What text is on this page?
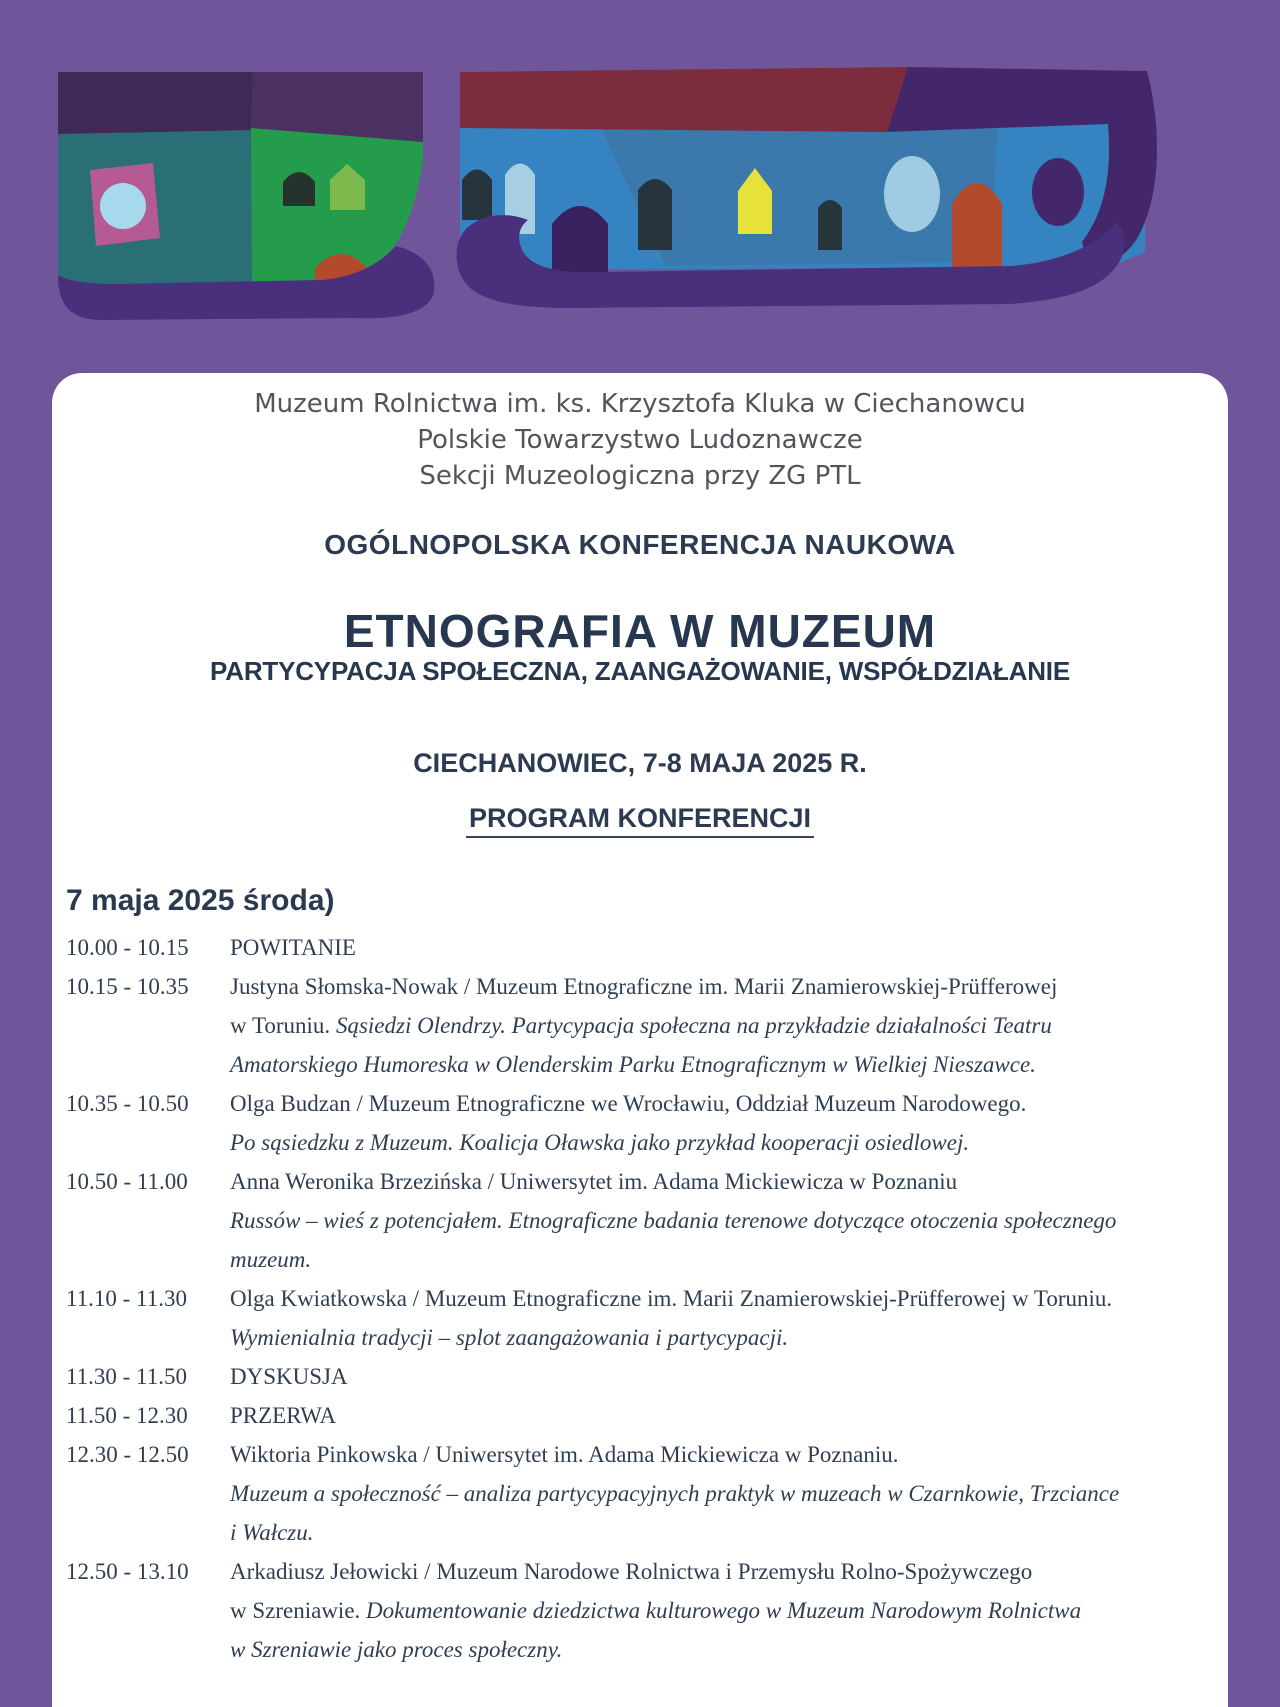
Muzeum Rolnictwa im. ks. Krzysztofa Kluka w Ciechanowcu
Polskie Towarzystwo Ludoznawcze
Sekcji Muzeologiczna przy ZG PTL
OGÓLNOPOLSKA KONFERENCJA NAUKOWA
ETNOGRAFIA W MUZEUM
PARTYCYPACJA SPOŁECZNA, ZAANGAŻOWANIE, WSPÓŁDZIAŁANIE
CIECHANOWIEC, 7-8 MAJA 2025 R.
PROGRAM KONFERENCJI
7 maja 2025 środa)
10.00 - 10.15	POWITANIE
10.15 - 10.35	Justyna Słomska-Nowak / Muzeum Etnograficzne im. Marii Znamierowskiej-Prüfferowej
w Toruniu. Sąsiedzi Olendrzy. Partycypacja społeczna na przykładzie działalności Teatru
Amatorskiego Humoreska w Olenderskim Parku Etnograficznym w Wielkiej Nieszawce.
10.35 - 10.50	Olga Budzan / Muzeum Etnograficzne we Wrocławiu, Oddział Muzeum Narodowego.
Po sąsiedzku z Muzeum. Koalicja Oławska jako przykład kooperacji osiedlowej.
10.50 - 11.00	Anna Weronika Brzezińska / Uniwersytet im. Adama Mickiewicza w Poznaniu
Russów – wieś z potencjałem. Etnograficzne badania terenowe dotyczące otoczenia społecznego
muzeum.
11.10 - 11.30	Olga Kwiatkowska / Muzeum Etnograficzne im. Marii Znamierowskiej-Prüfferowej w Toruniu.
Wymienialnia tradycji – splot zaangażowania i partycypacji.
11.30 - 11.50	DYSKUSJA
11.50 - 12.30	PRZERWA
12.30 - 12.50	Wiktoria Pinkowska / Uniwersytet im. Adama Mickiewicza w Poznaniu.
Muzeum a społeczność – analiza partycypacyjnych praktyk w muzeach w Czarnkowie, Trzciance
i Wałczu.
12.50 - 13.10	Arkadiusz Jełowicki / Muzeum Narodowe Rolnictwa i Przemysłu Rolno-Spożywczego
w Szreniawie. Dokumentowanie dziedzictwa kulturowego w Muzeum Narodowym Rolnictwa
w Szreniawie jako proces społeczny.
